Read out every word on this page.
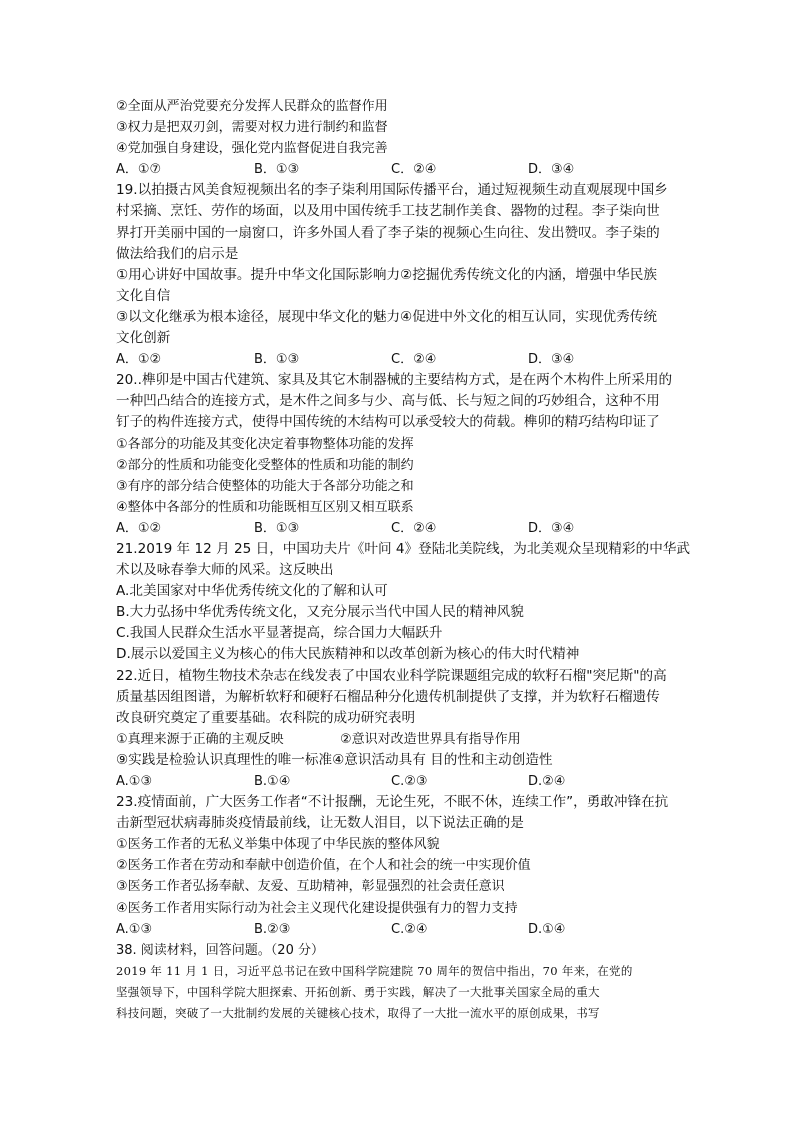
②全面从严治党要充分发挥人民群众的监督作用
③权力是把双刃剑，需要对权力进行制约和监督
④党加强自身建设，强化党内监督促进自我完善
A．①⑦	B．①③	C．②④	D．③④
19.以拍摄古风美食短视频出名的李子柒利用国际传播平台，通过短视频生动直观展现中国乡
村采摘、烹饪、劳作的场面，以及用中国传统手工技艺制作美食、器物的过程。李子柒向世
界打开美丽中国的一扇窗口，许多外国人看了李子柒的视频心生向往、发出赞叹。李子柒的
做法给我们的启示是
①用心讲好中国故事。提升中华文化国际影响力②挖掘优秀传统文化的内涵，增强中华民族
文化自信
③以文化继承为根本途径，展现中华文化的魅力④促进中外文化的相互认同，实现优秀传统
文化创新
A．①②	B．①③	C．②④	D．③④
20..榫卯是中国古代建筑、家具及其它木制器械的主要结构方式，是在两个木构件上所采用的
一种凹凸结合的连接方式，是木件之间多与少、高与低、长与短之间的巧妙组合，这种不用
钉子的构件连接方式，使得中国传统的木结构可以承受较大的荷载。榫卯的精巧结构印证了
①各部分的功能及其变化决定着事物整体功能的发挥
②部分的性质和功能变化受整体的性质和功能的制约
③有序的部分结合使整体的功能大于各部分功能之和
④整体中各部分的性质和功能既相互区别又相互联系
A．①②	B．①③	C．②④	D．③④
21.2019 年 12 月 25 日，中国功夫片《叶问 4》登陆北美院线，为北美观众呈现精彩的中华武
术以及咏春拳大师的风采。这反映出
A.北美国家对中华优秀传统文化的了解和认可
B.大力弘扬中华优秀传统文化，又充分展示当代中国人民的精神风貌
C.我国人民群众生活水平显著提高，综合国力大幅跃升
D.展示以爱国主义为核心的伟大民族精神和以改革创新为核心的伟大时代精神
22.近日，植物生物技术杂志在线发表了中国农业科学院课题组完成的软籽石榴"突尼斯"的高
质量基因组图谱，为解析软籽和硬籽石榴品种分化遗传机制提供了支撑，并为软籽石榴遗传
改良研究奠定了重要基础。农科院的成功研究表明
①真理来源于正确的主观反映	②意识对改造世界具有指导作用
⑨实践是检验认识真理性的唯一标准④意识活动具有 目的性和主动创造性
A.①③	B.①④	C.②③	D.②④
23.疫情面前，广大医务工作者“不计报酬，无论生死，不眠不休，连续工作”，勇敢冲锋在抗
击新型冠状病毒肺炎疫情最前线，让无数人泪目，以下说法正确的是
①医务工作者的无私义举集中体现了中华民族的整体风貌
②医务工作者在劳动和奉献中创造价值，在个人和社会的统一中实现价值
③医务工作者弘扬奉献、友爱、互助精神，彰显强烈的社会责任意识
④医务工作者用实际行动为社会主义现代化建设提供强有力的智力支持
A.①③	B.②③	C.②④	D.①④
38. 阅读材料，回答问题。（20 分）
2019 年 11 月 1 日，习近平总书记在致中国科学院建院 70 周年的贺信中指出，70 年来，在党的
坚强领导下，中国科学院大胆探索、开拓创新、勇于实践，解决了一大批事关国家全局的重大
科技问题，突破了一大批制约发展的关键核心技术，取得了一大批一流水平的原创成果，书写
